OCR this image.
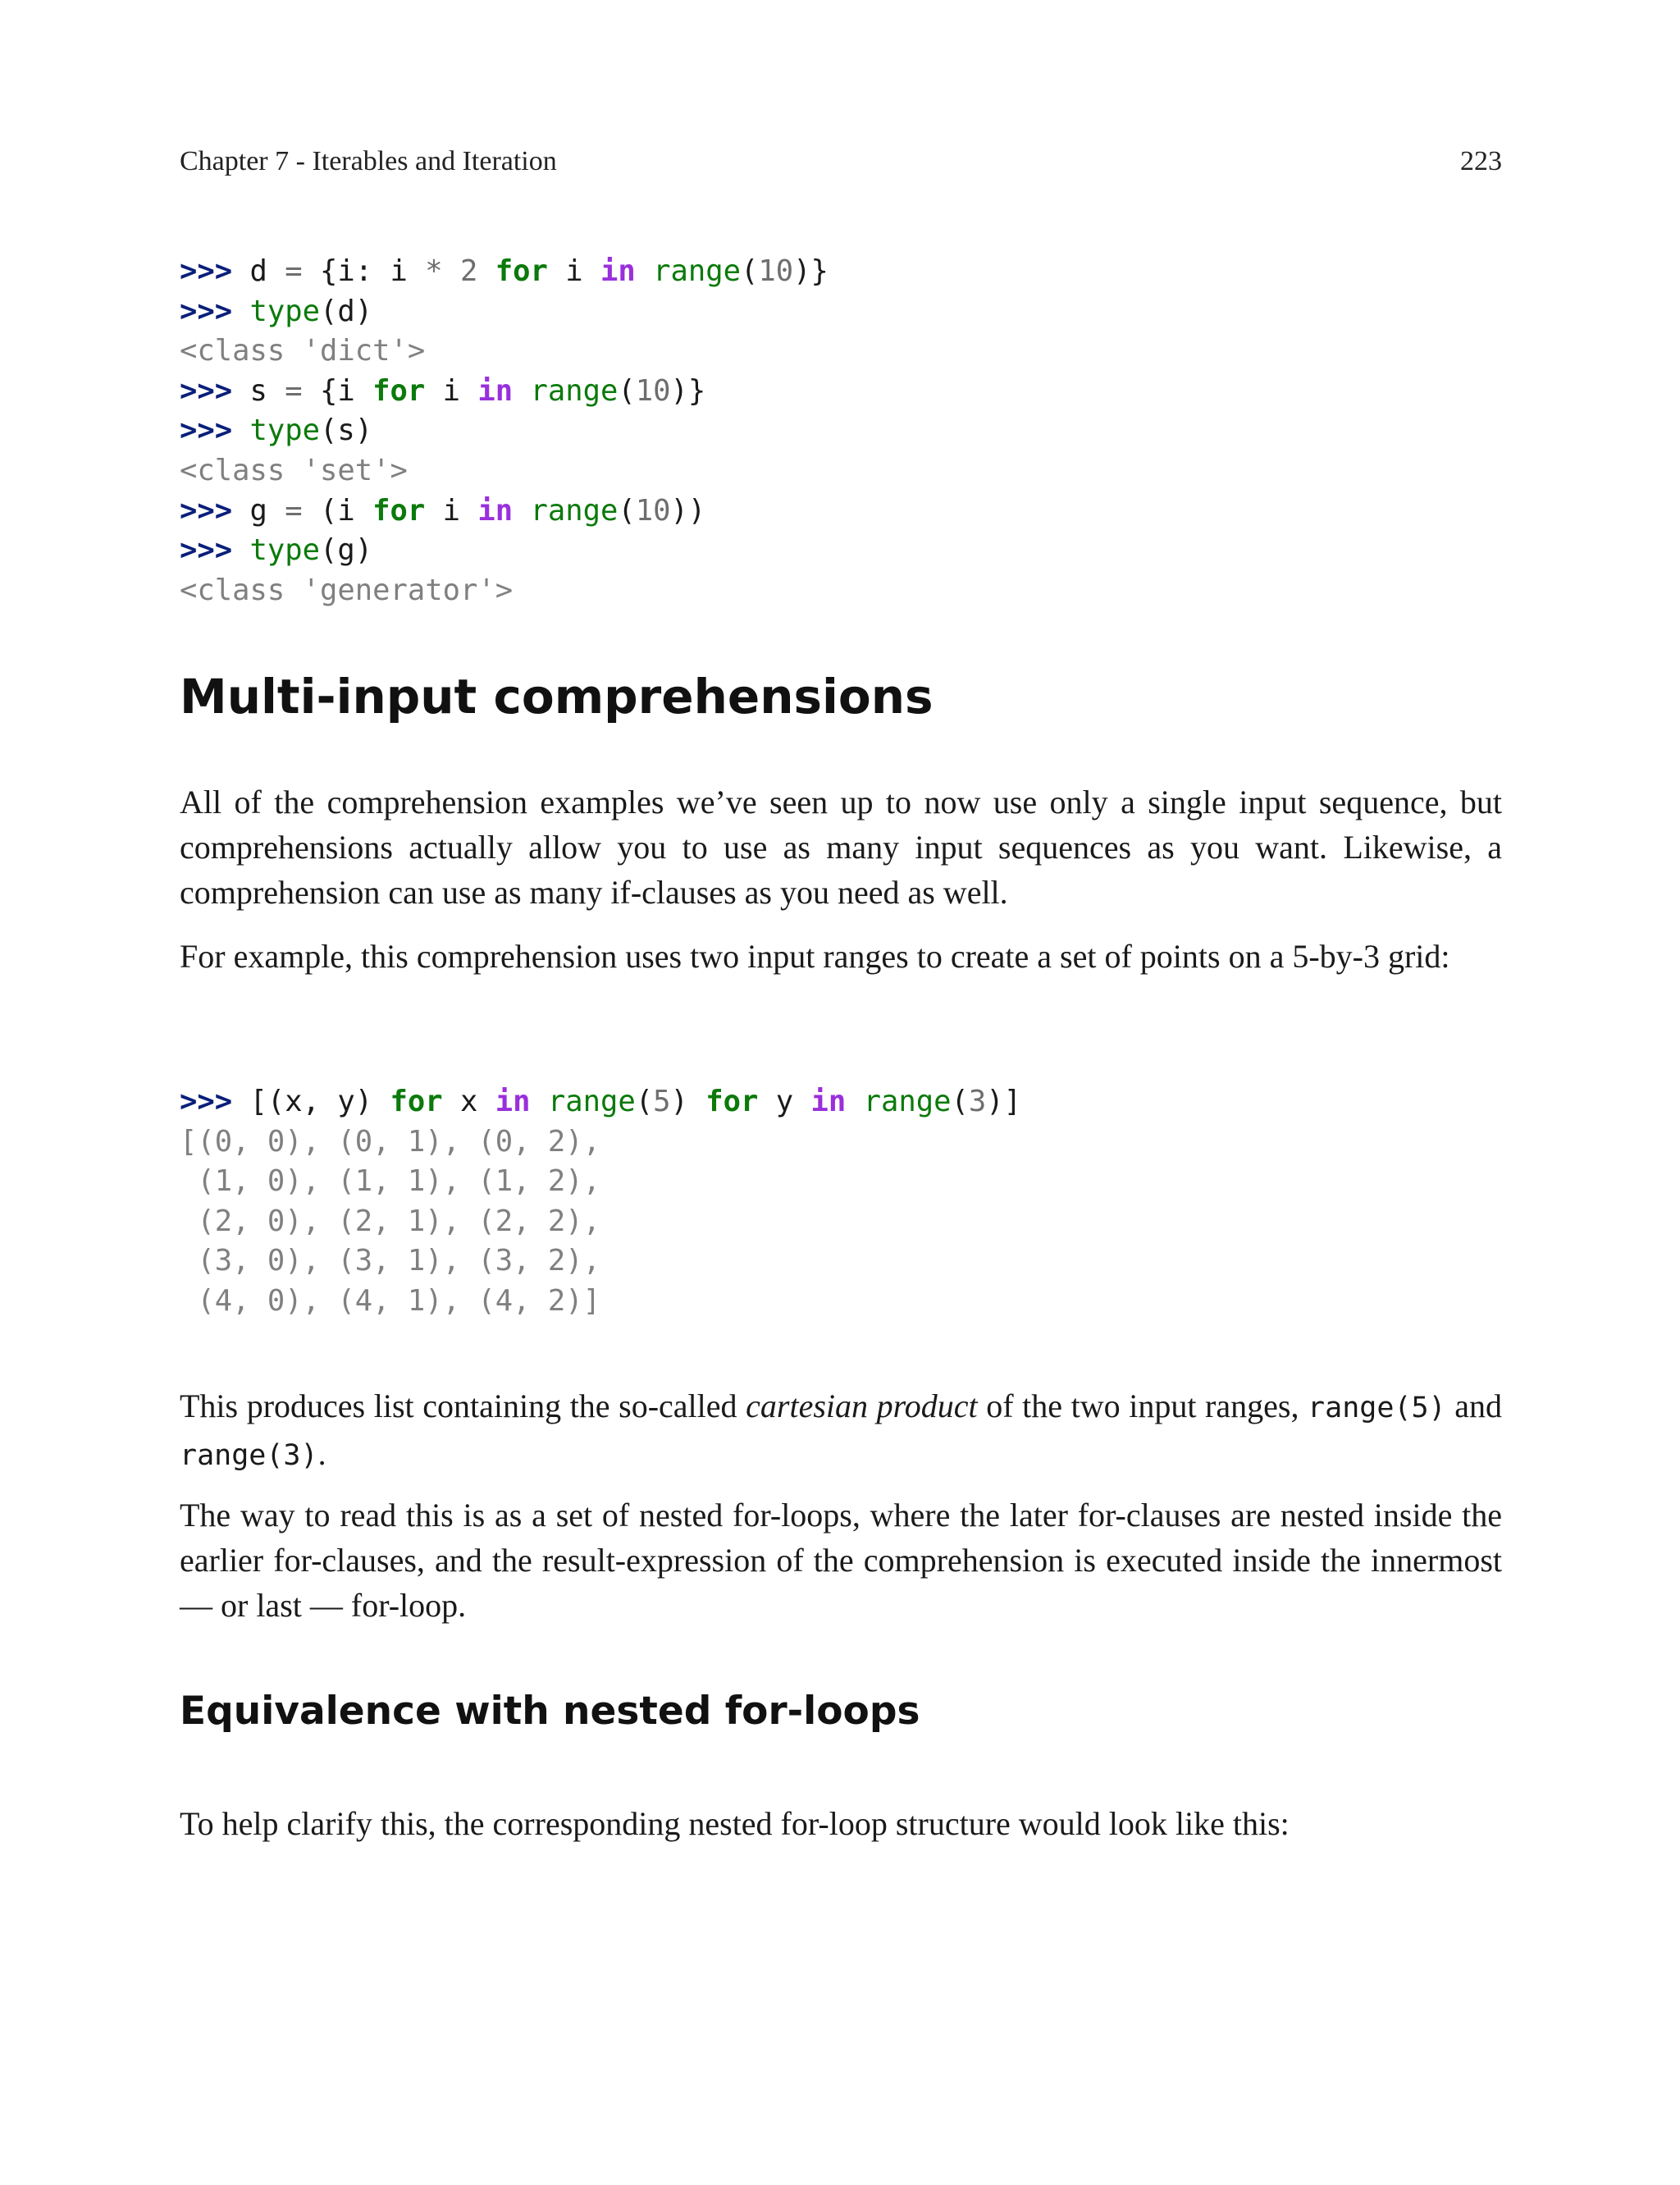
Chapter 7 - Iterables and Iteration	223
>>> d = {i: i * 2 for i in range(10)}
>>> type(d)
<class 'dict'>
>>> s = {i for i in range(10)}
>>> type(s)
<class 'set'>
>>> g = (i for i in range(10))
>>> type(g)
<class 'generator'>
Multi-input comprehensions

All of the comprehension examples we’ve seen up to now use only a single input sequence, but comprehensions actually allow you to use as many input sequences as you want. Likewise, a comprehension can use as many if-clauses as you need as well.

For example, this comprehension uses two input ranges to create a set of points on a 5-by-3 grid:

>>> [(x, y) for x in range(5) for y in range(3)]
[(0, 0), (0, 1), (0, 2),
(1, 0), (1, 1), (1, 2),
(2, 0), (2, 1), (2, 2),
(3, 0), (3, 1), (3, 2),
(4, 0), (4, 1), (4, 2)]

This produces list containing the so-called cartesian product of the two input ranges, range(5) and range(3).

The way to read this is as a set of nested for-loops, where the later for-clauses are nested inside the earlier for-clauses, and the result-expression of the comprehension is executed inside the innermost — or last — for-loop.

Equivalence with nested for-loops

To help clarify this, the corresponding nested for-loop structure would look like this:
